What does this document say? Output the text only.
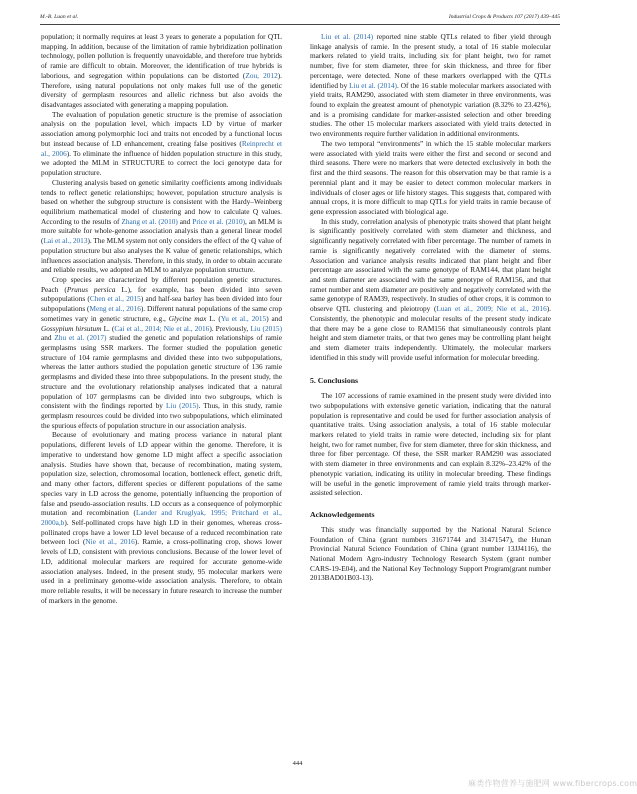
M.-B. Luan et al.	Industrial Crops & Products 107 (2017) 439–445

population; it normally requires at least 3 years to generate a population for QTL mapping. In addition, because of the limitation of ramie hybridization pollination technology, pollen pollution is frequently unavoidable, and therefore true hybrids of ramie are difficult to obtain. Moreover, the identification of true hybrids is laborious, and segregation within populations can be distorted (Zou, 2012). Therefore, using natural populations not only makes full use of the genetic diversity of germplasm resources and allelic richness but also avoids the disadvantages associated with generating a mapping population.

The evaluation of population genetic structure is the premise of association analysis on the population level, which impacts LD by virtue of marker association among polymorphic loci and traits not encoded by a functional locus but instead because of LD enhancement, creating false positives (Reinprecht et al., 2006). To eliminate the influence of hidden population structure in this study, we adopted the MLM in STRUCTURE to correct the loci genotype data for population structure.

Clustering analysis based on genetic similarity coefficients among individuals tends to reflect genetic relationships; however, population structure analysis is based on whether the subgroup structure is consistent with the Hardy–Weinberg equilibrium mathematical model of clustering and how to calculate Q values. According to the results of Zhang et al. (2010) and Price et al. (2010), an MLM is more suitable for whole-genome association analysis than a general linear model (Lai et al., 2013). The MLM system not only considers the effect of the Q value of population structure but also analyses the K value of genetic relationships, which influences association analysis. Therefore, in this study, in order to obtain accurate and reliable results, we adopted an MLM to analyze population structure.

Crop species are characterized by different population genetic structures. Peach (Prunus persica L.), for example, has been divided into seven subpopulations (Chen et al., 2015) and half-sea barley has been divided into four subpopulations (Meng et al., 2016). Different natural populations of the same crop sometimes vary in genetic structure, e.g., Glycine max L. (Yu et al., 2015) and Gossypium hirsutum L. (Cai et al., 2014; Nie et al., 2016). Previously, Liu (2015) and Zhu et al. (2017) studied the genetic and population relationships of ramie germplasms using SSR markers. The former studied the population genetic structure of 104 ramie germplasms and divided these into two subpopulations, whereas the latter authors studied the population genetic structure of 136 ramie germplasms and divided these into three subpopulations. In the present study, the structure and the evolutionary relationship analyses indicated that a natural population of 107 germplasms can be divided into two subgroups, which is consistent with the findings reported by Liu (2015). Thus, in this study, ramie germplasm resources could be divided into two subpopulations, which eliminated the spurious effects of population structure in our association analysis.

Because of evolutionary and mating process variance in natural plant populations, different levels of LD appear within the genome. Therefore, it is imperative to understand how genome LD might affect a specific association analysis. Studies have shown that, because of recombination, mating system, population size, selection, chromosomal location, bottleneck effect, genetic drift, and many other factors, different species or different populations of the same species vary in LD across the genome, potentially influencing the proportion of false and pseudo-association results. LD occurs as a consequence of polymorphic mutation and recombination (Lander and Kruglyak, 1995; Pritchard et al., 2000a,b). Self-pollinated crops have high LD in their genomes, whereas cross-pollinated crops have a lower LD level because of a reduced recombination rate between loci (Nie et al., 2016). Ramie, a cross-pollinating crop, shows lower levels of LD, consistent with previous conclusions. Because of the lower level of LD, additional molecular markers are required for accurate genome-wide association analyses. Indeed, in the present study, 95 molecular markers were used in a preliminary genome-wide association analysis. Therefore, to obtain more reliable results, it will be necessary in future research to increase the number of markers in the genome.

Liu et al. (2014) reported nine stable QTLs related to fiber yield through linkage analysis of ramie. In the present study, a total of 16 stable molecular markers related to yield traits, including six for plant height, two for ramet number, five for stem diameter, three for skin thickness, and three for fiber percentage, were detected. None of these markers overlapped with the QTLs identified by Liu et al. (2014). Of the 16 stable molecular markers associated with yield traits, RAM290, associated with stem diameter in three environments, was found to explain the greatest amount of phenotypic variation (8.32% to 23.42%), and is a promising candidate for marker-assisted selection and other breeding studies. The other 15 molecular markers associated with yield traits detected in two environments require further validation in additional environments.

The two temporal “environments” in which the 15 stable molecular markers were associated with yield traits were either the first and second or second and third seasons. There were no markers that were detected exclusively in both the first and the third seasons. The reason for this observation may be that ramie is a perennial plant and it may be easier to detect common molecular markers in individuals of closer ages or life history stages. This suggests that, compared with annual crops, it is more difficult to map QTLs for yield traits in ramie because of gene expression associated with biological age.

In this study, correlation analysis of phenotypic traits showed that plant height is significantly positively correlated with stem diameter and thickness, and significantly negatively correlated with fiber percentage. The number of ramets in ramie is significantly negatively correlated with the diameter of stems. Association and variance analysis results indicated that plant height and fiber percentage are associated with the same genotype of RAM144, that plant height and stem diameter are associated with the same genotype of RAM156, and that ramet number and stem diameter are positively and negatively correlated with the same genotype of RAM39, respectively. In studies of other crops, it is common to observe QTL clustering and pleiotropy (Luan et al., 2009; Nie et al., 2016). Consistently, the phenotypic and molecular results of the present study indicate that there may be a gene close to RAM156 that simultaneously controls plant height and stem diameter traits, or that two genes may be controlling plant height and stem diameter traits independently. Ultimately, the molecular markers identified in this study will provide useful information for molecular breeding.

5. Conclusions

The 107 accessions of ramie examined in the present study were divided into two subpopulations with extensive genetic variation, indicating that the natural population is representative and could be used for further association analysis of quantitative traits. Using association analysis, a total of 16 stable molecular markers related to yield traits in ramie were detected, including six for plant height, two for ramet number, five for stem diameter, three for skin thickness, and three for fiber percentage. Of these, the SSR marker RAM290 was associated with stem diameter in three environments and can explain 8.32%–23.42% of the phenotypic variation, indicating its utility in molecular breeding. These findings will be useful in the genetic improvement of ramie yield traits through marker-assisted selection.

Acknowledgements

This study was financially supported by the National Natural Science Foundation of China (grant numbers 31671744 and 31471547), the Hunan Provincial Natural Science Foundation of China (grant number 13JJ4116), the National Modern Agro-industry Technology Research System (grant number CARS-19-E04), and the National Key Technology Support Program(grant number 2013BAD01B03-13).

444
麻类作物营养与施肥网 www.fibercrops.com
